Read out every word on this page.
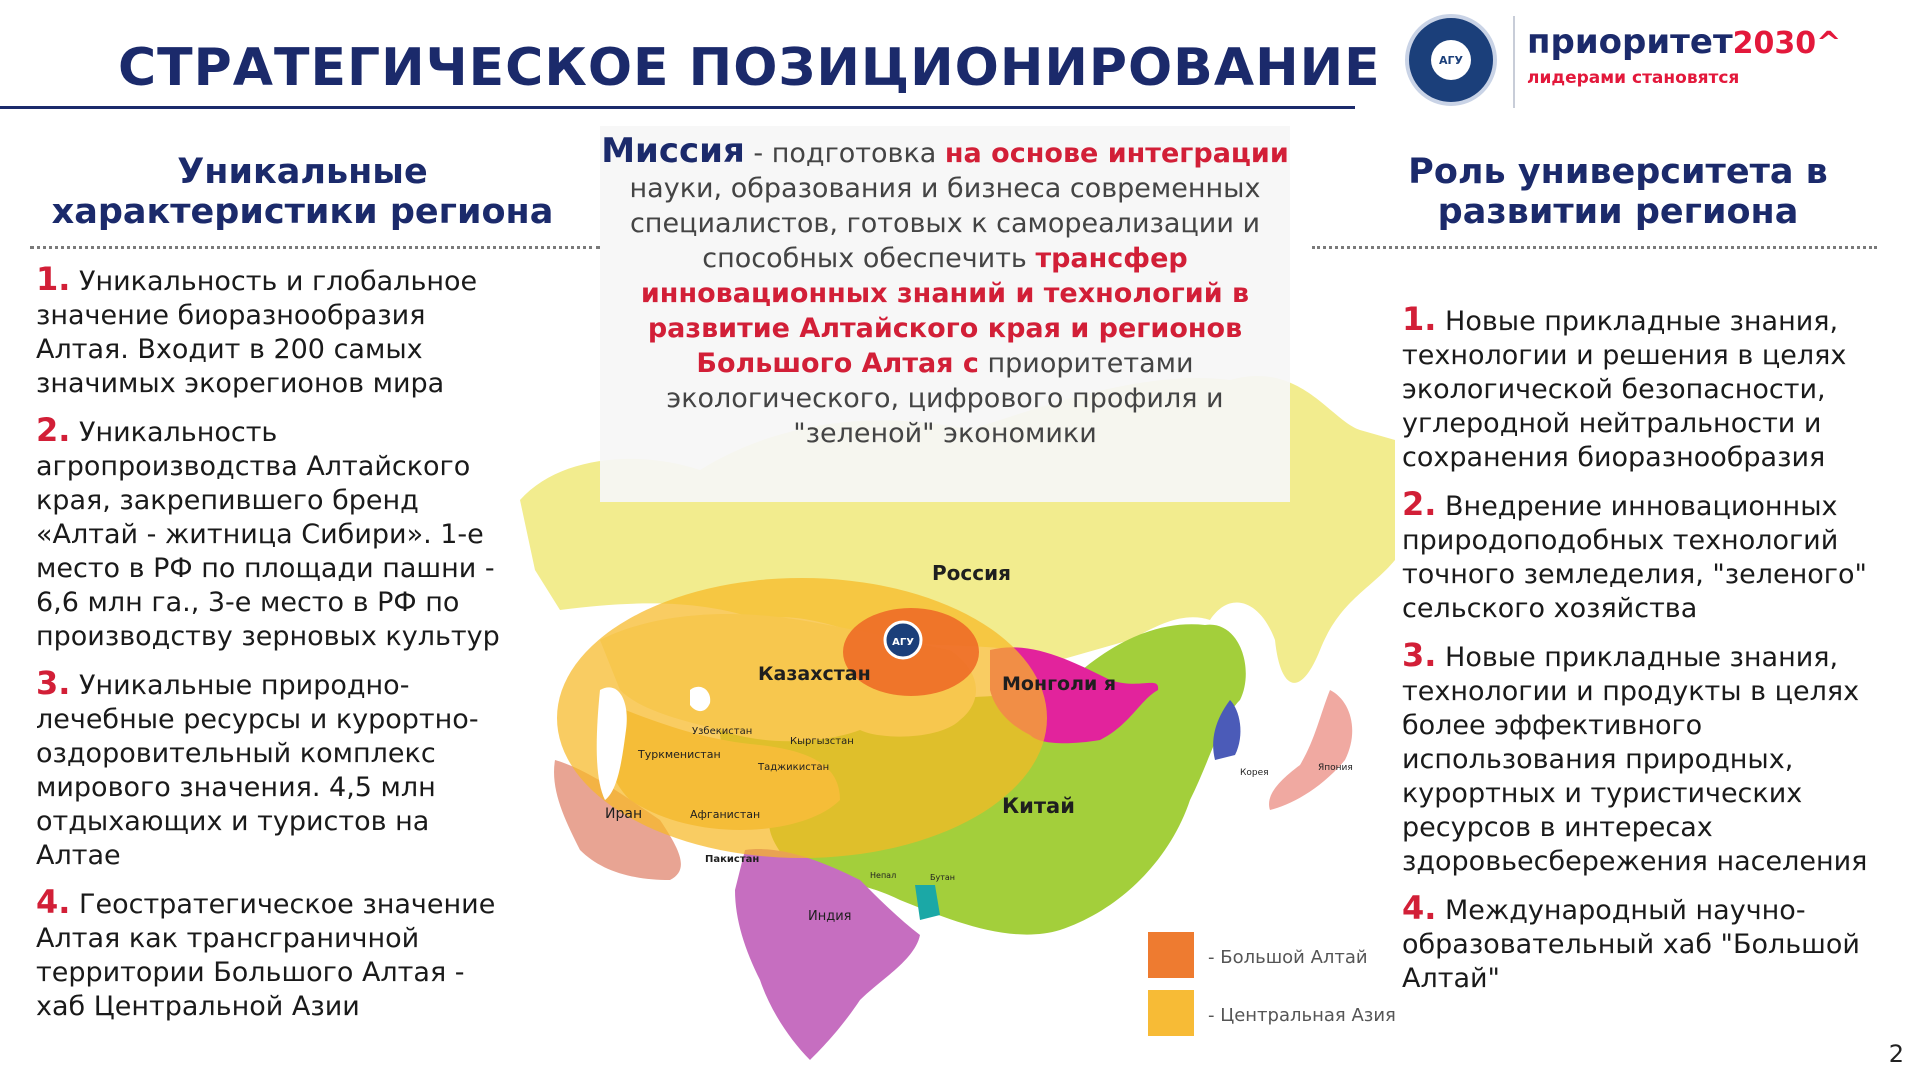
СТРАТЕГИЧЕСКОЕ ПОЗИЦИОНИРОВАНИЕ	АГУ приоритет2030^
лидерами становятся
АГУ
Россия
Казахстан	Монголи я
Китай
Иран
Индия
Туркменистан
Афганистан
Узбекистан
Кыргызстан
Таджикистан
Пакистан
Япония
Корея
Непал	Бутан
- Большой Алтай
- Центральная Азия
Уникальные характеристики региона
1. Уникальность и глобальное значение биоразнообразия Алтая. Входит в 200 самых значимых экорегионов мира
2. Уникальность агропроизводства Алтайского края, закрепившего бренд «Алтай - житница Сибири». 1-е место в РФ по площади пашни - 6,6 млн га., 3-е место в РФ по производству зерновых культур
3. Уникальные природно-лечебные ресурсы и курортно-оздоровительный комплекс мирового значения. 4,5 млн отдыхающих и туристов на Алтае
4. Геостратегическое значение Алтая как трансграничной территории Большого Алтая - хаб Центральной Азии
Миссия - подготовка на основе интеграции науки, образования и бизнеса современных специалистов, готовых к самореализации и способных обеспечить трансфер инновационных знаний и технологий в развитие Алтайского края и регионов Большого Алтая с приоритетами экологического, цифрового профиля и "зеленой" экономики
Роль университета в развитии региона
1. Новые прикладные знания, технологии и решения в целях экологической безопасности, углеродной нейтральности и сохранения биоразнообразия
2. Внедрение инновационных природоподобных технологий точного земледелия, "зеленого" сельского хозяйства
3. Новые прикладные знания, технологии и продукты в целях более эффективного использования природных, курортных и туристических ресурсов в интересах здоровьесбережения населения
4. Международный научно-образовательный хаб "Большой Алтай"
2
